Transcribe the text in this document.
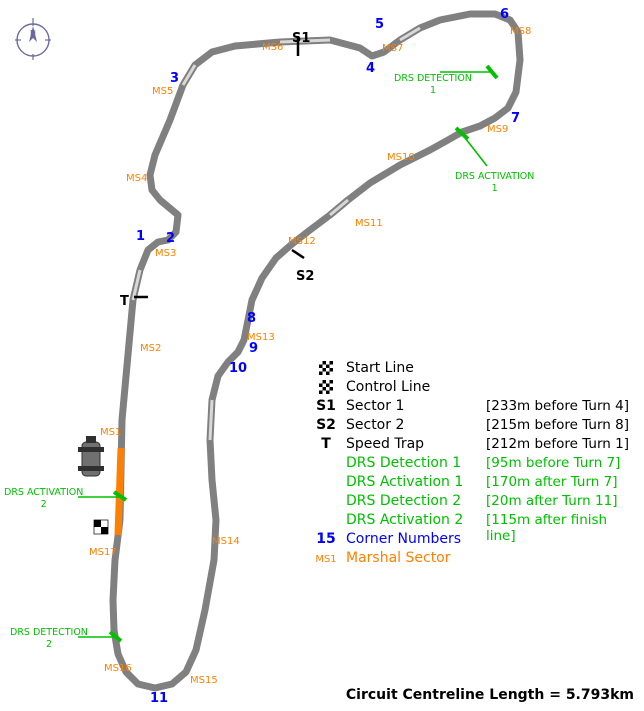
N
1 2
3
4
5
6
7
8
9
10
11
MS1
MS2
MS3
MS4
MS5
MS6	MS7
MS8
MS9
MS10
MS11
MS12
MS13
MS14
MS15
MS16
MS17
S1
S2
T
DRS DETECTION
1
DRS ACTIVATION
1
DRS ACTIVATION
2
DRS DETECTION
2
Start Line
Control Line
S1 Sector 1	[233m before Turn 4]
S2 Sector 2	[215m before Turn 8]
T	Speed Trap	[212m before Turn 1]
DRS Detection 1	[95m before Turn 7]
DRS Activation 1	[170m after Turn 7]
DRS Detection 2	[20m after Turn 11]
DRS Activation 2	[115m after finish line]
15 Corner Numbers
MS1 Marshal Sector
Circuit Centreline Length = 5.793km
